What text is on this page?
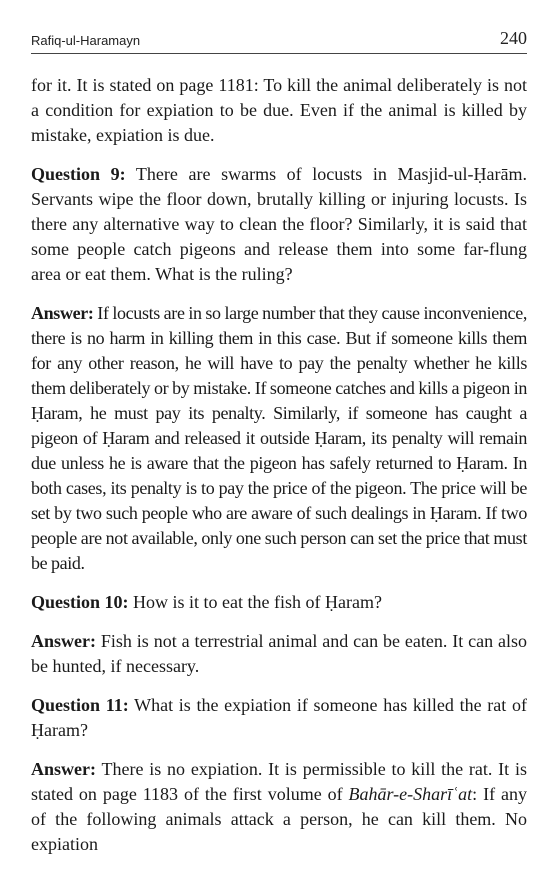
Rafiq-ul-Haramayn	240

for it. It is stated on page 1181: To kill the animal deliberately is not a condition for expiation to be due. Even if the animal is killed by mistake, expiation is due.

Question 9: There are swarms of locusts in Masjid-ul-Ḥarām. Servants wipe the floor down, brutally killing or injuring locusts. Is there any alternative way to clean the floor? Similarly, it is said that some people catch pigeons and release them into some far-flung area or eat them. What is the ruling?

Answer: If locusts are in so large number that they cause inconvenience, there is no harm in killing them in this case. But if someone kills them for any other reason, he will have to pay the penalty whether he kills them deliberately or by mistake. If someone catches and kills a pigeon in Ḥaram, he must pay its penalty. Similarly, if someone has caught a pigeon of Ḥaram and released it outside Ḥaram, its penalty will remain due unless he is aware that the pigeon has safely returned to Ḥaram. In both cases, its penalty is to pay the price of the pigeon. The price will be set by two such people who are aware of such dealings in Ḥaram. If two people are not available, only one such person can set the price that must be paid.

Question 10: How is it to eat the fish of Ḥaram?

Answer: Fish is not a terrestrial animal and can be eaten. It can also be hunted, if necessary.

Question 11: What is the expiation if someone has killed the rat of Ḥaram?

Answer: There is no expiation. It is permissible to kill the rat. It is stated on page 1183 of the first volume of Bahār-e-Sharīʿat: If any of the following animals attack a person, he can kill them. No expiation
